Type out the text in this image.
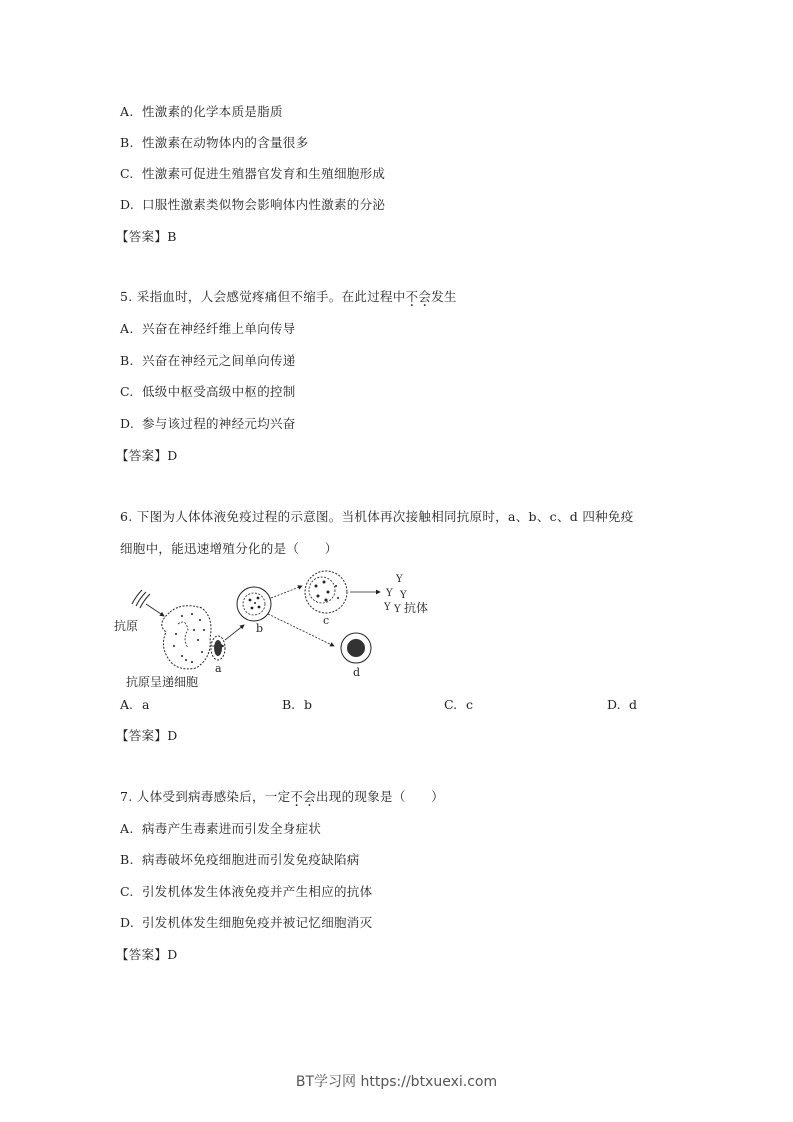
A. 性激素的化学本质是脂质
B. 性激素在动物体内的含量很多
C. 性激素可促进生殖器官发育和生殖细胞形成
D. 口服性激素类似物会影响体内性激素的分泌
【答案】B
5. 采指血时，人会感觉疼痛但不缩手。在此过程中不会发生
A. 兴奋在神经纤维上单向传导
B. 兴奋在神经元之间单向传递
C. 低级中枢受高级中枢的控制
D. 参与该过程的神经元均兴奋
【答案】D
6. 下图为人体体液免疫过程的示意图。当机体再次接触相同抗原时，a、b、c、d 四种免疫
细胞中，能迅速增殖分化的是（　　）
抗原
抗原呈递细胞
a
b
c
Y
Y Y
Y Y 抗体
d
A. a	B. b	C. c	D. d
【答案】D
7. 人体受到病毒感染后，一定不会出现的现象是（　　）
A. 病毒产生毒素进而引发全身症状
B. 病毒破坏免疫细胞进而引发免疫缺陷病
C. 引发机体发生体液免疫并产生相应的抗体
D. 引发机体发生细胞免疫并被记忆细胞消灭
【答案】D
BT学习网 https://btxuexi.com
